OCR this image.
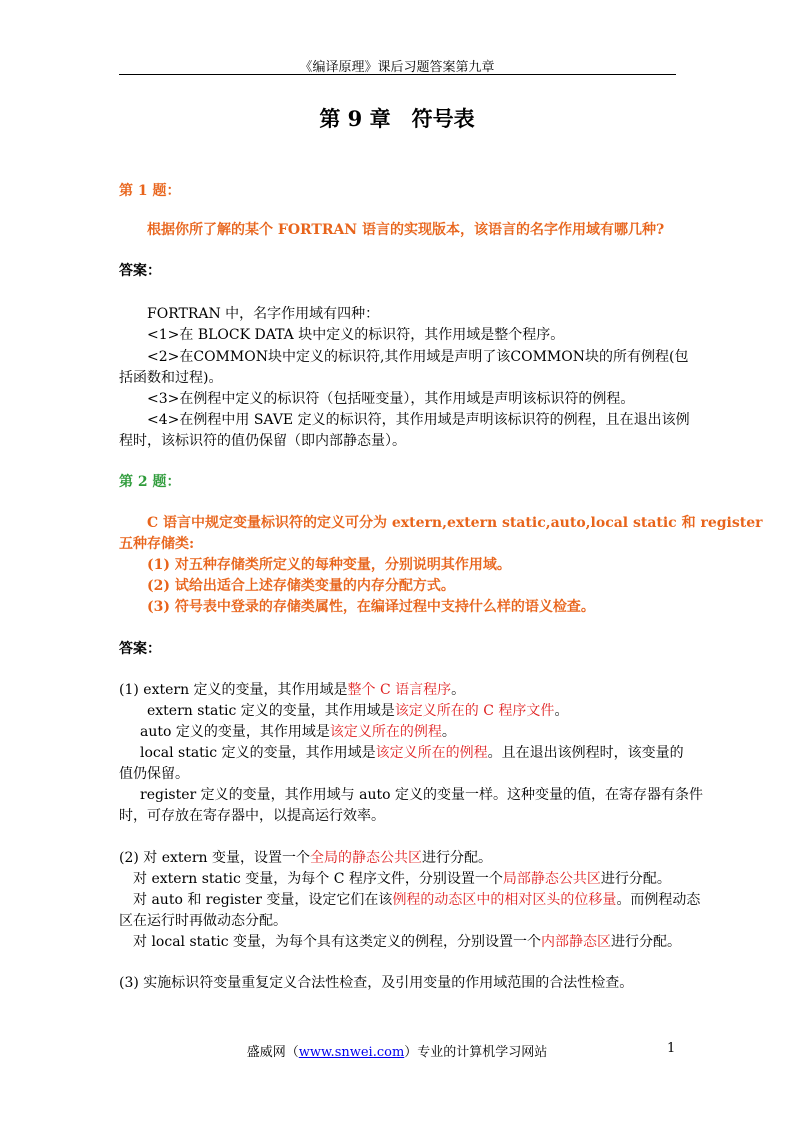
《编译原理》课后习题答案第九章
第 9 章　符号表
第 1 题：
根据你所了解的某个 FORTRAN 语言的实现版本，该语言的名字作用域有哪几种?
答案：
FORTRAN 中，名字作用域有四种：
<1>在 BLOCK DATA 块中定义的标识符，其作用域是整个程序。
<2>在COMMON块中定义的标识符,其作用域是声明了该COMMON块的所有例程(包
括函数和过程)。
<3>在例程中定义的标识符（包括哑变量），其作用域是声明该标识符的例程。
<4>在例程中用 SAVE 定义的标识符，其作用域是声明该标识符的例程，且在退出该例
程时，该标识符的值仍保留（即内部静态量）。
第 2 题：
C 语言中规定变量标识符的定义可分为 extern,extern static,auto,local static 和 register
五种存储类:
(1) 对五种存储类所定义的每种变量，分别说明其作用域。
(2) 试给出适合上述存储类变量的内存分配方式。
(3) 符号表中登录的存储类属性，在编译过程中支持什么样的语义检查。
答案：
(1) extern 定义的变量，其作用域是整个 C 语言程序。
extern static 定义的变量，其作用域是该定义所在的 C 程序文件。
auto 定义的变量，其作用域是该定义所在的例程。
local static 定义的变量，其作用域是该定义所在的例程。且在退出该例程时，该变量的
值仍保留。
register 定义的变量，其作用域与 auto 定义的变量一样。这种变量的值，在寄存器有条件
时，可存放在寄存器中，以提高运行效率。
(2) 对 extern 变量，设置一个全局的静态公共区进行分配。
对 extern static 变量，为每个 C 程序文件，分别设置一个局部静态公共区进行分配。
对 auto 和 register 变量，设定它们在该例程的动态区中的相对区头的位移量。而例程动态
区在运行时再做动态分配。
对 local static 变量，为每个具有这类定义的例程，分别设置一个内部静态区进行分配。
(3) 实施标识符变量重复定义合法性检查，及引用变量的作用域范围的合法性检查。
盛威网（www.snwei.com）专业的计算机学习网站	1
